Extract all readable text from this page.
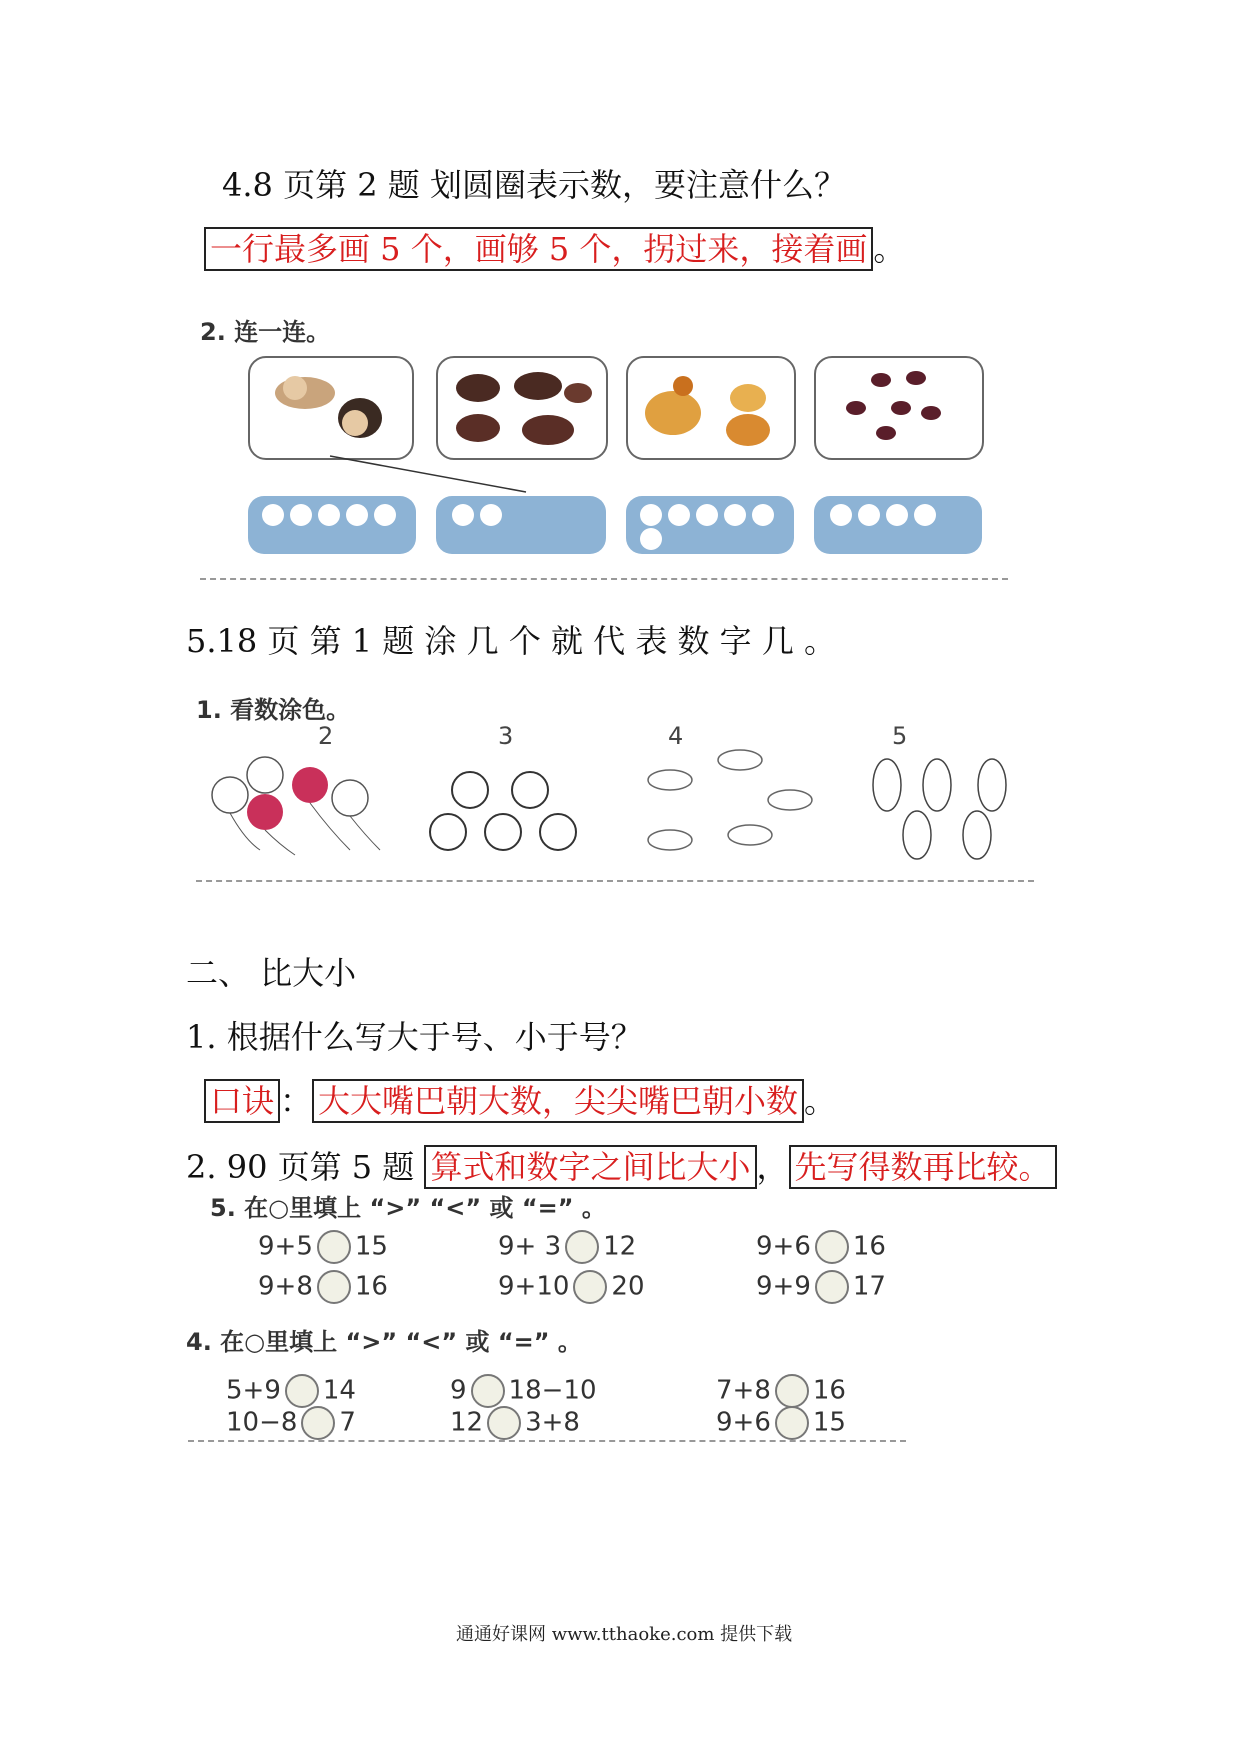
4.8 页第 2 题 划圆圈表示数，要注意什么？
一行最多画 5 个，画够 5 个，拐过来，接着画 。
2. 连一连。
5.18 页 第 1 题 涂 几 个 就 代 表 数 字 几 。
1. 看数涂色。
2	3	4	5
二、 比大小
1. 根据什么写大于号、小于号？
口诀 ： 大大嘴巴朝大数，尖尖嘴巴朝小数 。
2. 90 页第 5 题 算式和数字之间比大小 ， 先写得数再比较。
5. 在○里填上 “>” “<” 或 “=” 。
9+5 15	9+ 3 12	9+6 16
9+8 16	9+10 20	9+9 17
4. 在○里填上 “>” “<” 或 “=” 。
5+9 14	9 18−10	7+8 16
10−8 7	12 3+8	9+6 15
通通好课网 www.tthaoke.com 提供下载
